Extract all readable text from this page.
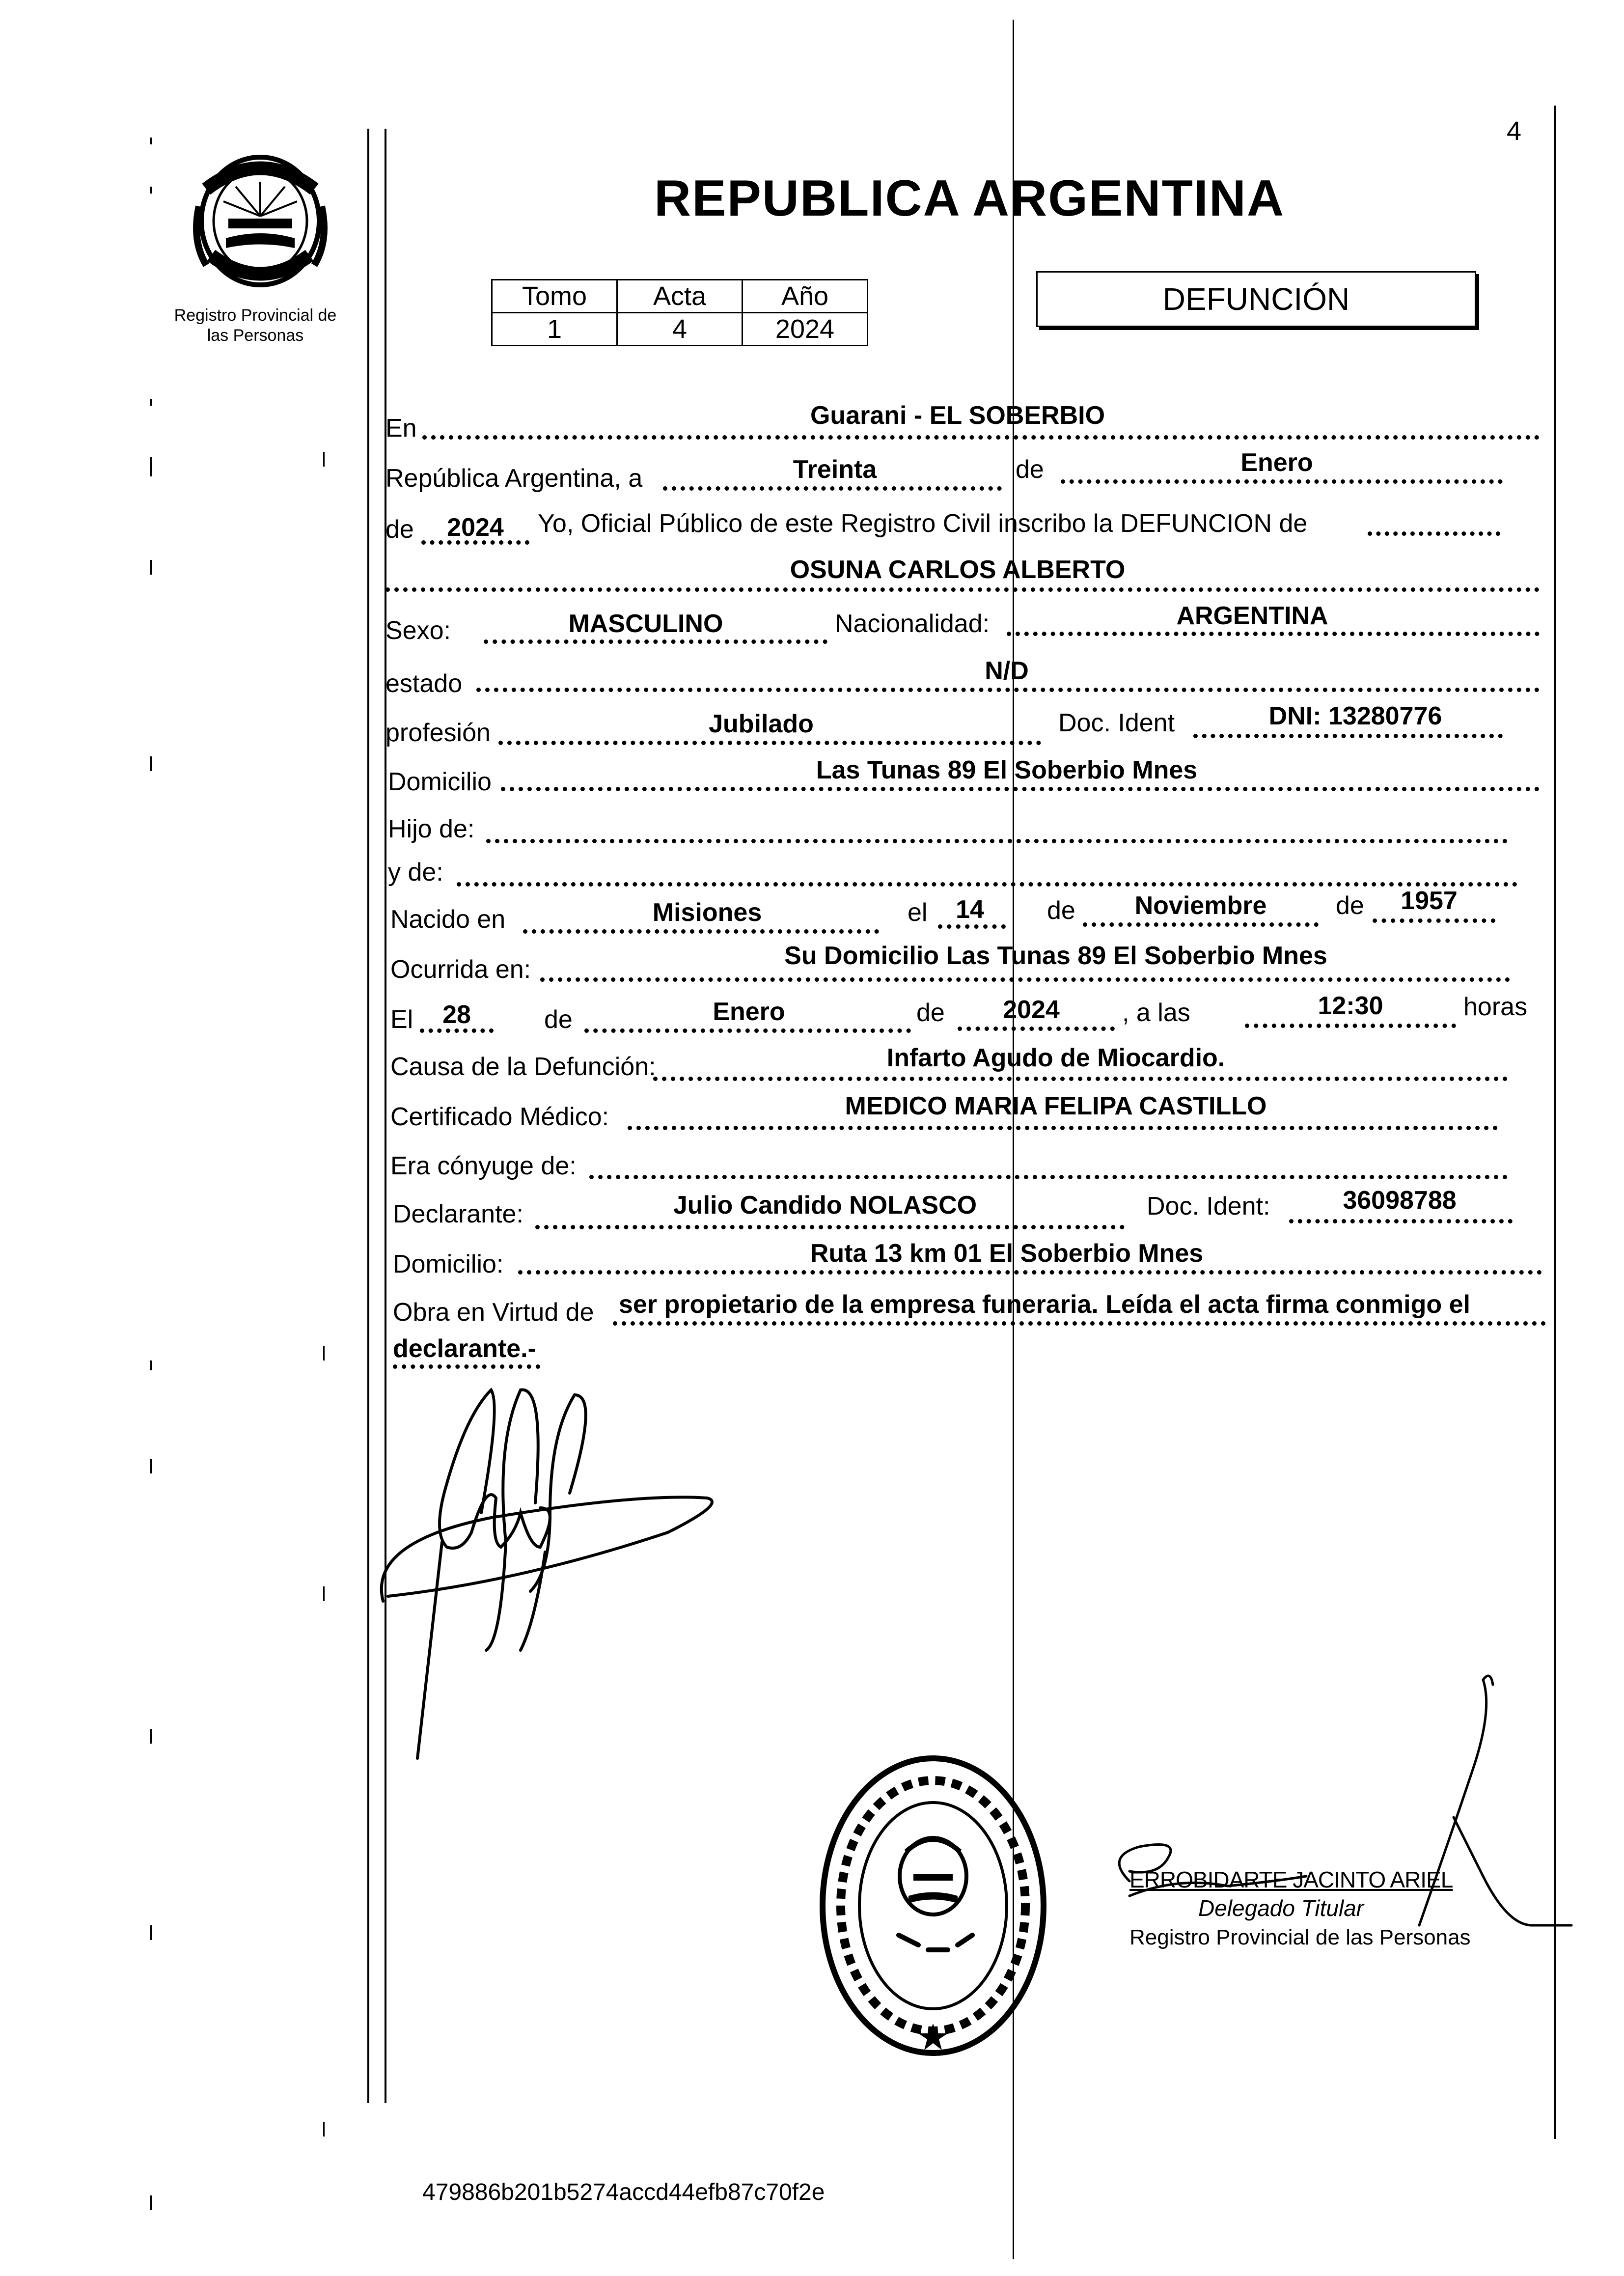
4
Registro Provincial de las Personas
REPUBLICA ARGENTINA
Tomo	Acta	Año
1	4	2024
DEFUNCIÓN
En	Guarani - EL SOBERBIO
República Argentina, a	Treinta	de	Enero
de	2024	Yo, Oficial Público de este Registro Civil inscribo la DEFUNCION de
OSUNA CARLOS ALBERTO
Sexo:	MASCULINO	Nacionalidad:	ARGENTINA
estado	N/D
profesión	Jubilado	Doc. Ident	DNI: 13280776
Domicilio	Las Tunas 89 El Soberbio Mnes
Hijo de:
y de:
Nacido en	Misiones	el	14	de	Noviembre	de	1957
Ocurrida en:	Su Domicilio Las Tunas 89 El Soberbio Mnes
El	28	de	Enero	de	2024	, a las	12:30	horas
Causa de la Defunción:	Infarto Agudo de Miocardio.
Certificado Médico:	MEDICO MARIA FELIPA CASTILLO
Era cónyuge de:
Declarante:	Julio Candido NOLASCO	Doc. Ident:	36098788
Domicilio:	Ruta 13 km 01 El Soberbio Mnes
Obra en Virtud de ser propietario de la empresa funeraria. Leída el acta firma conmigo el
declarante.-
ERROBIDARTE JACINTO ARIEL
Delegado Titular
Registro Provincial de las Personas
479886b201b5274accd44efb87c70f2e
